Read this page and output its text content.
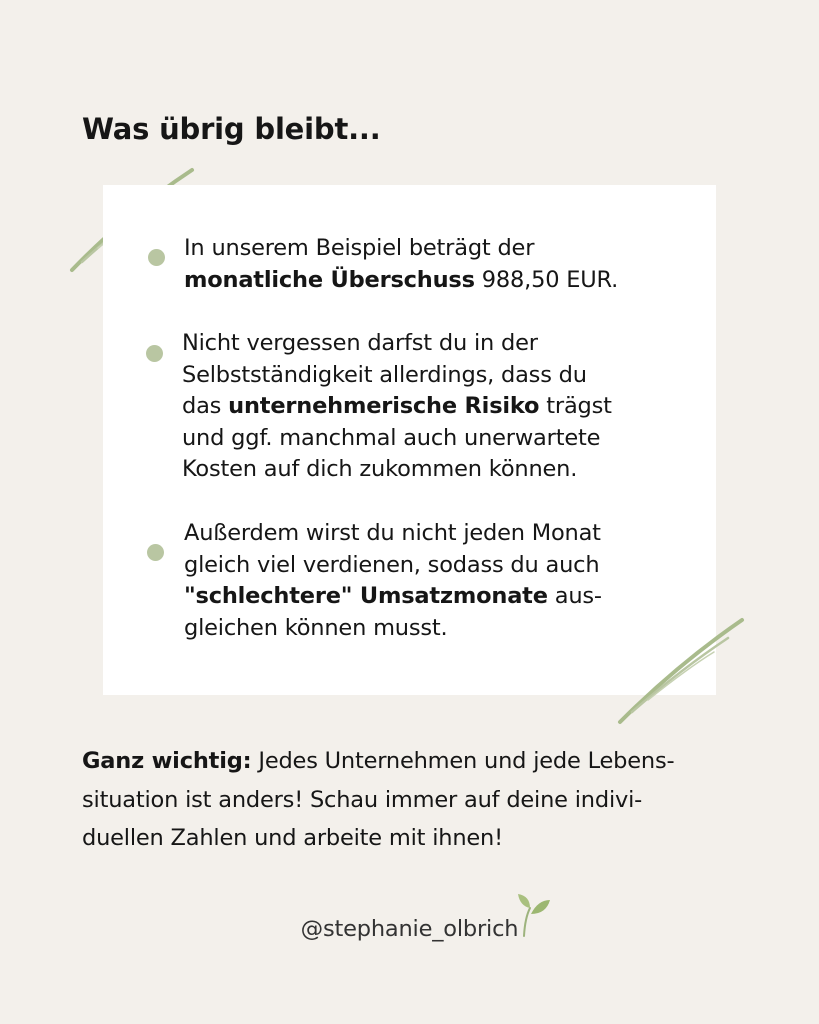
Was übrig bleibt...

In unserem Beispiel beträgt der monatliche Überschuss 988,50 EUR.

Nicht vergessen darfst du in der Selbstständigkeit allerdings, dass du das unternehmerische Risiko trägst und ggf. manchmal auch unerwartete Kosten auf dich zukommen können.

Außerdem wirst du nicht jeden Monat gleich viel verdienen, sodass du auch "schlechtere" Umsatzmonate aus- gleichen können musst.

Ganz wichtig: Jedes Unternehmen und jede Lebens-
situation ist anders! Schau immer auf deine indivi-
duellen Zahlen und arbeite mit ihnen!

@stephanie_olbrich
